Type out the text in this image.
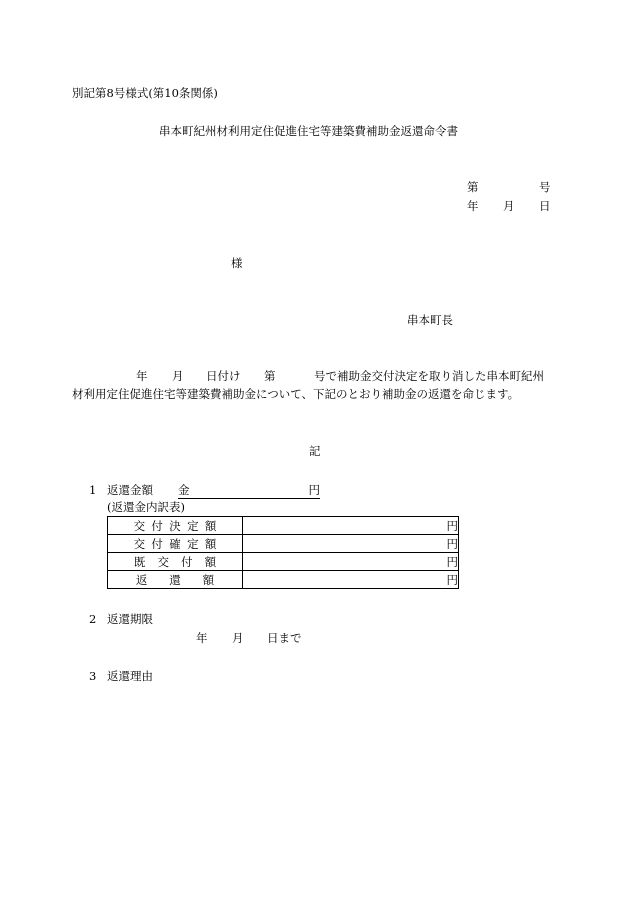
別記第8号様式(第10条関係)
串本町紀州材利用定住促進住宅等建築費補助金返還命令書
第	号
年 月 日
様
串本町長
年 月 日付け 第	号で補助金交付決定を取り消した串本町紀州
材利用定住促進住宅等建築費補助金について、下記のとおり補助金の返還を命じます。
記
1 返還金額 金	円
(返還金内訳表)
交付決定額	円
交付確定額	円
既交付額	円
返還額	円
2 返還期限
年 月 日まで
3 返還理由
